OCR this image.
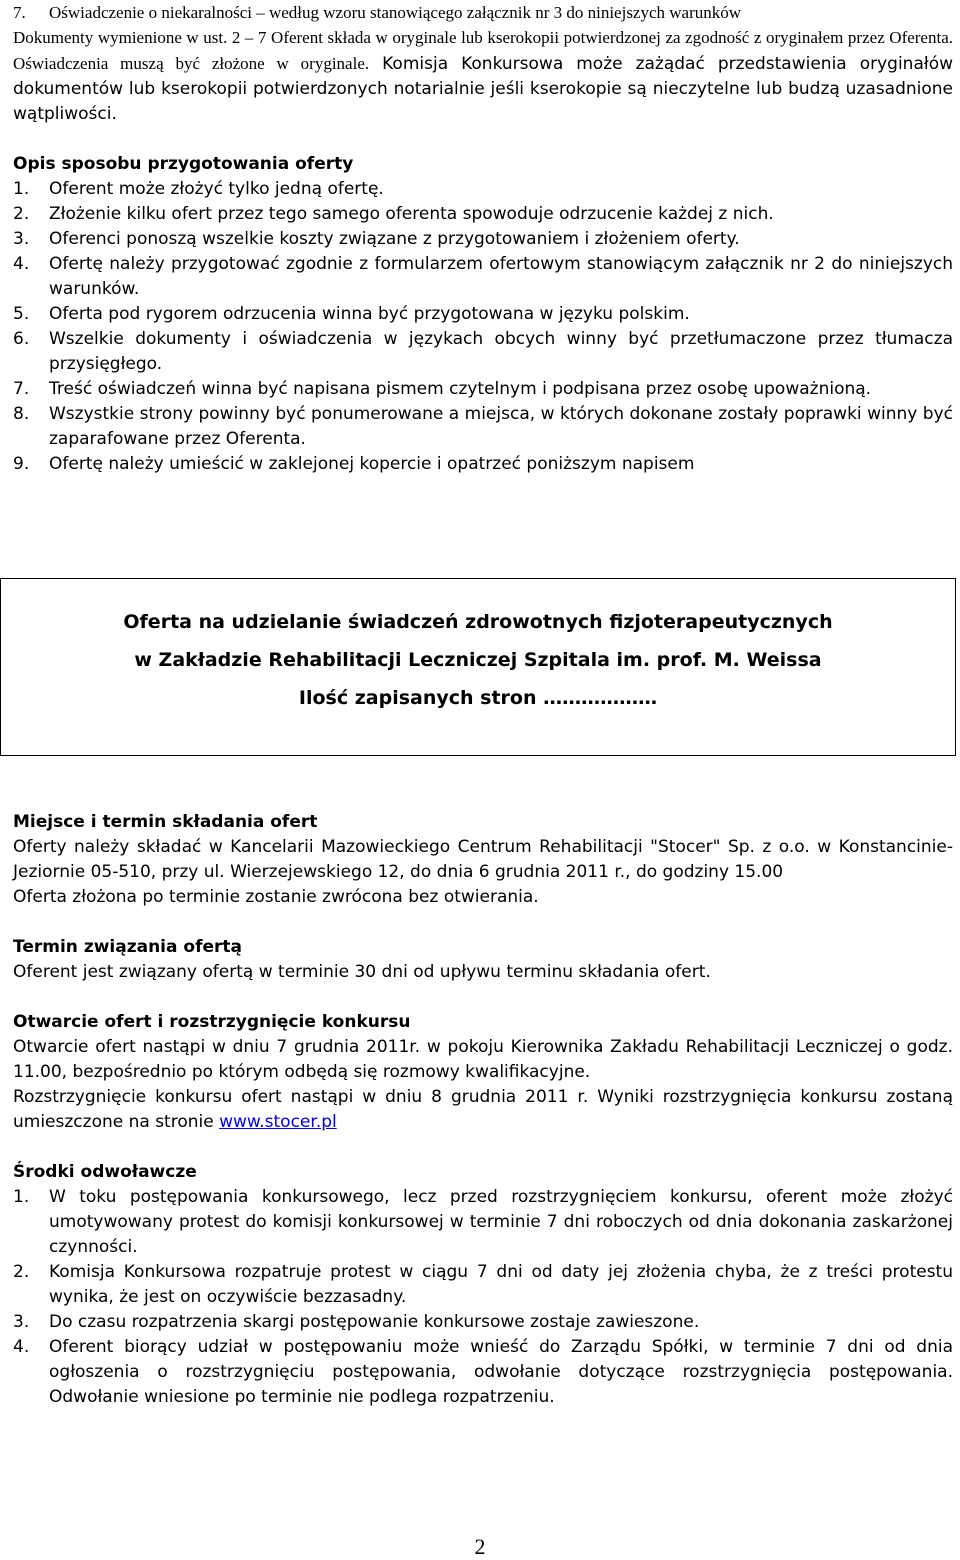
7.	Oświadczenie o niekaralności – według wzoru stanowiącego załącznik nr 3 do niniejszych warunków

Dokumenty wymienione w ust. 2 – 7 Oferent składa w oryginale lub kserokopii potwierdzonej za zgodność z oryginałem przez Oferenta. Oświadczenia muszą być złożone w oryginale. Komisja Konkursowa może zażądać przedstawienia oryginałów dokumentów lub kserokopii potwierdzonych notarialnie jeśli kserokopie są nieczytelne lub budzą uzasadnione wątpliwości.

Opis sposobu przygotowania oferty

1.	Oferent może złożyć tylko jedną ofertę.
2.	Złożenie kilku ofert przez tego samego oferenta spowoduje odrzucenie każdej z nich.
3.	Oferenci ponoszą wszelkie koszty związane z przygotowaniem i złożeniem oferty.
4.	Ofertę należy przygotować zgodnie z formularzem ofertowym stanowiącym załącznik nr 2 do niniejszych warunków.
5.	Oferta pod rygorem odrzucenia winna być przygotowana w języku polskim.
6.	Wszelkie dokumenty i oświadczenia w językach obcych winny być przetłumaczone przez tłumacza przysięgłego.
7.	Treść oświadczeń winna być napisana pismem czytelnym i podpisana przez osobę upoważnioną.
8.	Wszystkie strony powinny być ponumerowane a miejsca, w których dokonane zostały poprawki winny być zaparafowane przez Oferenta.
9.	Ofertę należy umieścić w zaklejonej kopercie i opatrzeć poniższym napisem

Miejsce i termin składania ofert

Oferty należy składać w Kancelarii Mazowieckiego Centrum Rehabilitacji "Stocer" Sp. z o.o. w Konstancinie-Jeziornie 05-510, przy ul. Wierzejewskiego 12, do dnia 6 grudnia 2011 r., do godziny 15.00

Oferta złożona po terminie zostanie zwrócona bez otwierania.

Termin związania ofertą

Oferent jest związany ofertą w terminie 30 dni od upływu terminu składania ofert.

Otwarcie ofert i rozstrzygnięcie konkursu

Otwarcie ofert nastąpi w dniu 7 grudnia 2011r. w pokoju Kierownika Zakładu Rehabilitacji Leczniczej o godz. 11.00, bezpośrednio po którym odbędą się rozmowy kwalifikacyjne.

Rozstrzygnięcie konkursu ofert nastąpi w dniu 8 grudnia 2011 r. Wyniki rozstrzygnięcia konkursu zostaną umieszczone na stronie www.stocer.pl

Środki odwoławcze

1.	W toku postępowania konkursowego, lecz przed rozstrzygnięciem konkursu, oferent może złożyć umotywowany protest do komisji konkursowej w terminie 7 dni roboczych od dnia dokonania zaskarżonej czynności.
2.	Komisja Konkursowa rozpatruje protest w ciągu 7 dni od daty jej złożenia chyba, że z treści protestu wynika, że jest on oczywiście bezzasadny.
3.	Do czasu rozpatrzenia skargi postępowanie konkursowe zostaje zawieszone.
4.	Oferent biorący udział w postępowaniu może wnieść do Zarządu Spółki, w terminie 7 dni od dnia ogłoszenia o rozstrzygnięciu postępowania, odwołanie dotyczące rozstrzygnięcia postępowania. Odwołanie wniesione po terminie nie podlega rozpatrzeniu.

Oferta na udzielanie świadczeń zdrowotnych fizjoterapeutycznych

w Zakładzie Rehabilitacji Leczniczej Szpitala im. prof. M. Weissa

Ilość zapisanych stron ………………

2
